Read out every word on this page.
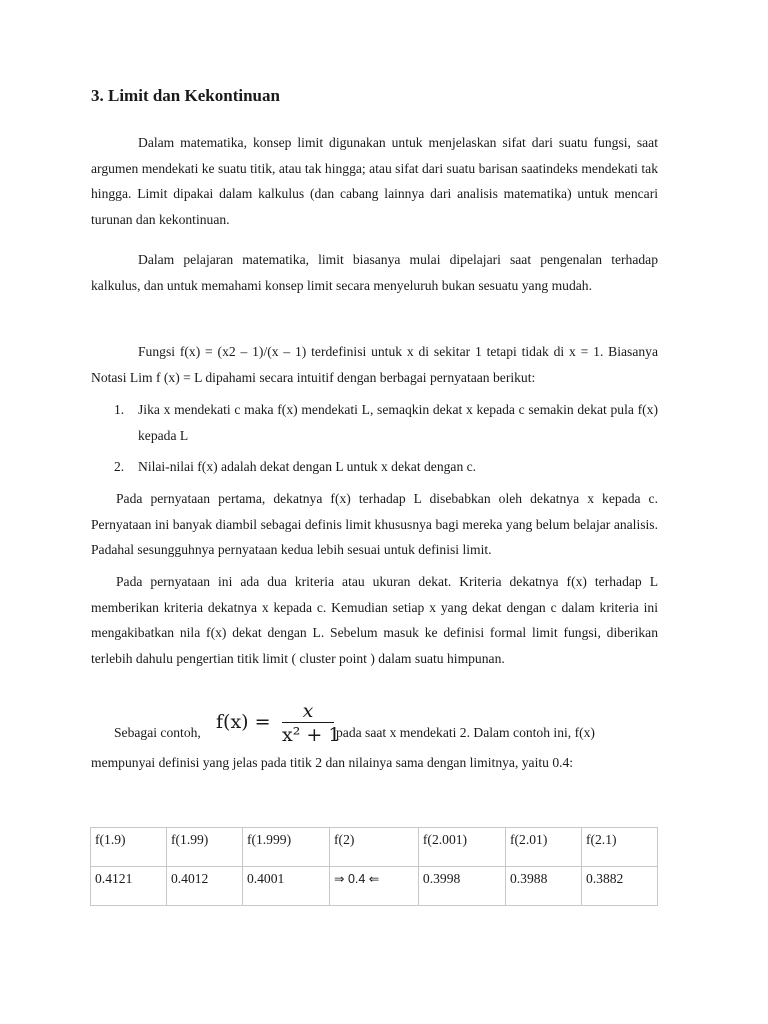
3. Limit dan Kekontinuan

Dalam matematika, konsep limit digunakan untuk menjelaskan sifat dari suatu fungsi, saat argumen mendekati ke suatu titik, atau tak hingga; atau sifat dari suatu barisan saatindeks mendekati tak hingga. Limit dipakai dalam kalkulus (dan cabang lainnya dari analisis matematika) untuk mencari turunan dan kekontinuan.

Dalam pelajaran matematika, limit biasanya mulai dipelajari saat pengenalan terhadap kalkulus, dan untuk memahami konsep limit secara menyeluruh bukan sesuatu yang mudah.

Fungsi f(x) = (x2 – 1)/(x – 1) terdefinisi untuk x di sekitar 1 tetapi tidak di x = 1. Biasanya Notasi Lim f (x) = L dipahami secara intuitif dengan berbagai pernyataan berikut:

1. Jika x mendekati c maka f(x) mendekati L, semaqkin dekat x kepada c semakin dekat pula f(x) kepada L

2. Nilai-nilai f(x) adalah dekat dengan L untuk x dekat dengan c.

Pada pernyataan pertama, dekatnya f(x) terhadap L disebabkan oleh dekatnya x kepada c. Pernyataan ini banyak diambil sebagai definis limit khususnya bagi mereka yang belum belajar analisis. Padahal sesungguhnya pernyataan kedua lebih sesuai untuk definisi limit.

Pada pernyataan ini ada dua kriteria atau ukuran dekat. Kriteria dekatnya f(x) terhadap L memberikan kriteria dekatnya x kepada c. Kemudian setiap x yang dekat dengan c dalam kriteria ini mengakibatkan nila f(x) dekat dengan L. Sebelum masuk ke definisi formal limit fungsi, diberikan terlebih dahulu pengertian titik limit ( cluster point ) dalam suatu himpunan.

Sebagai contoh, f(x) =	x
x² + 1
pada saat x mendekati 2. Dalam contoh ini, f(x)

mempunyai definisi yang jelas pada titik 2 dan nilainya sama dengan limitnya, yaitu 0.4:

f(1.9)	f(1.99)	f(1.999)	f(2)	f(2.001)	f(2.01)	f(2.1)
0.4121	0.4012	0.4001	⇒ 0.4 ⇐	0.3998	0.3988	0.3882
